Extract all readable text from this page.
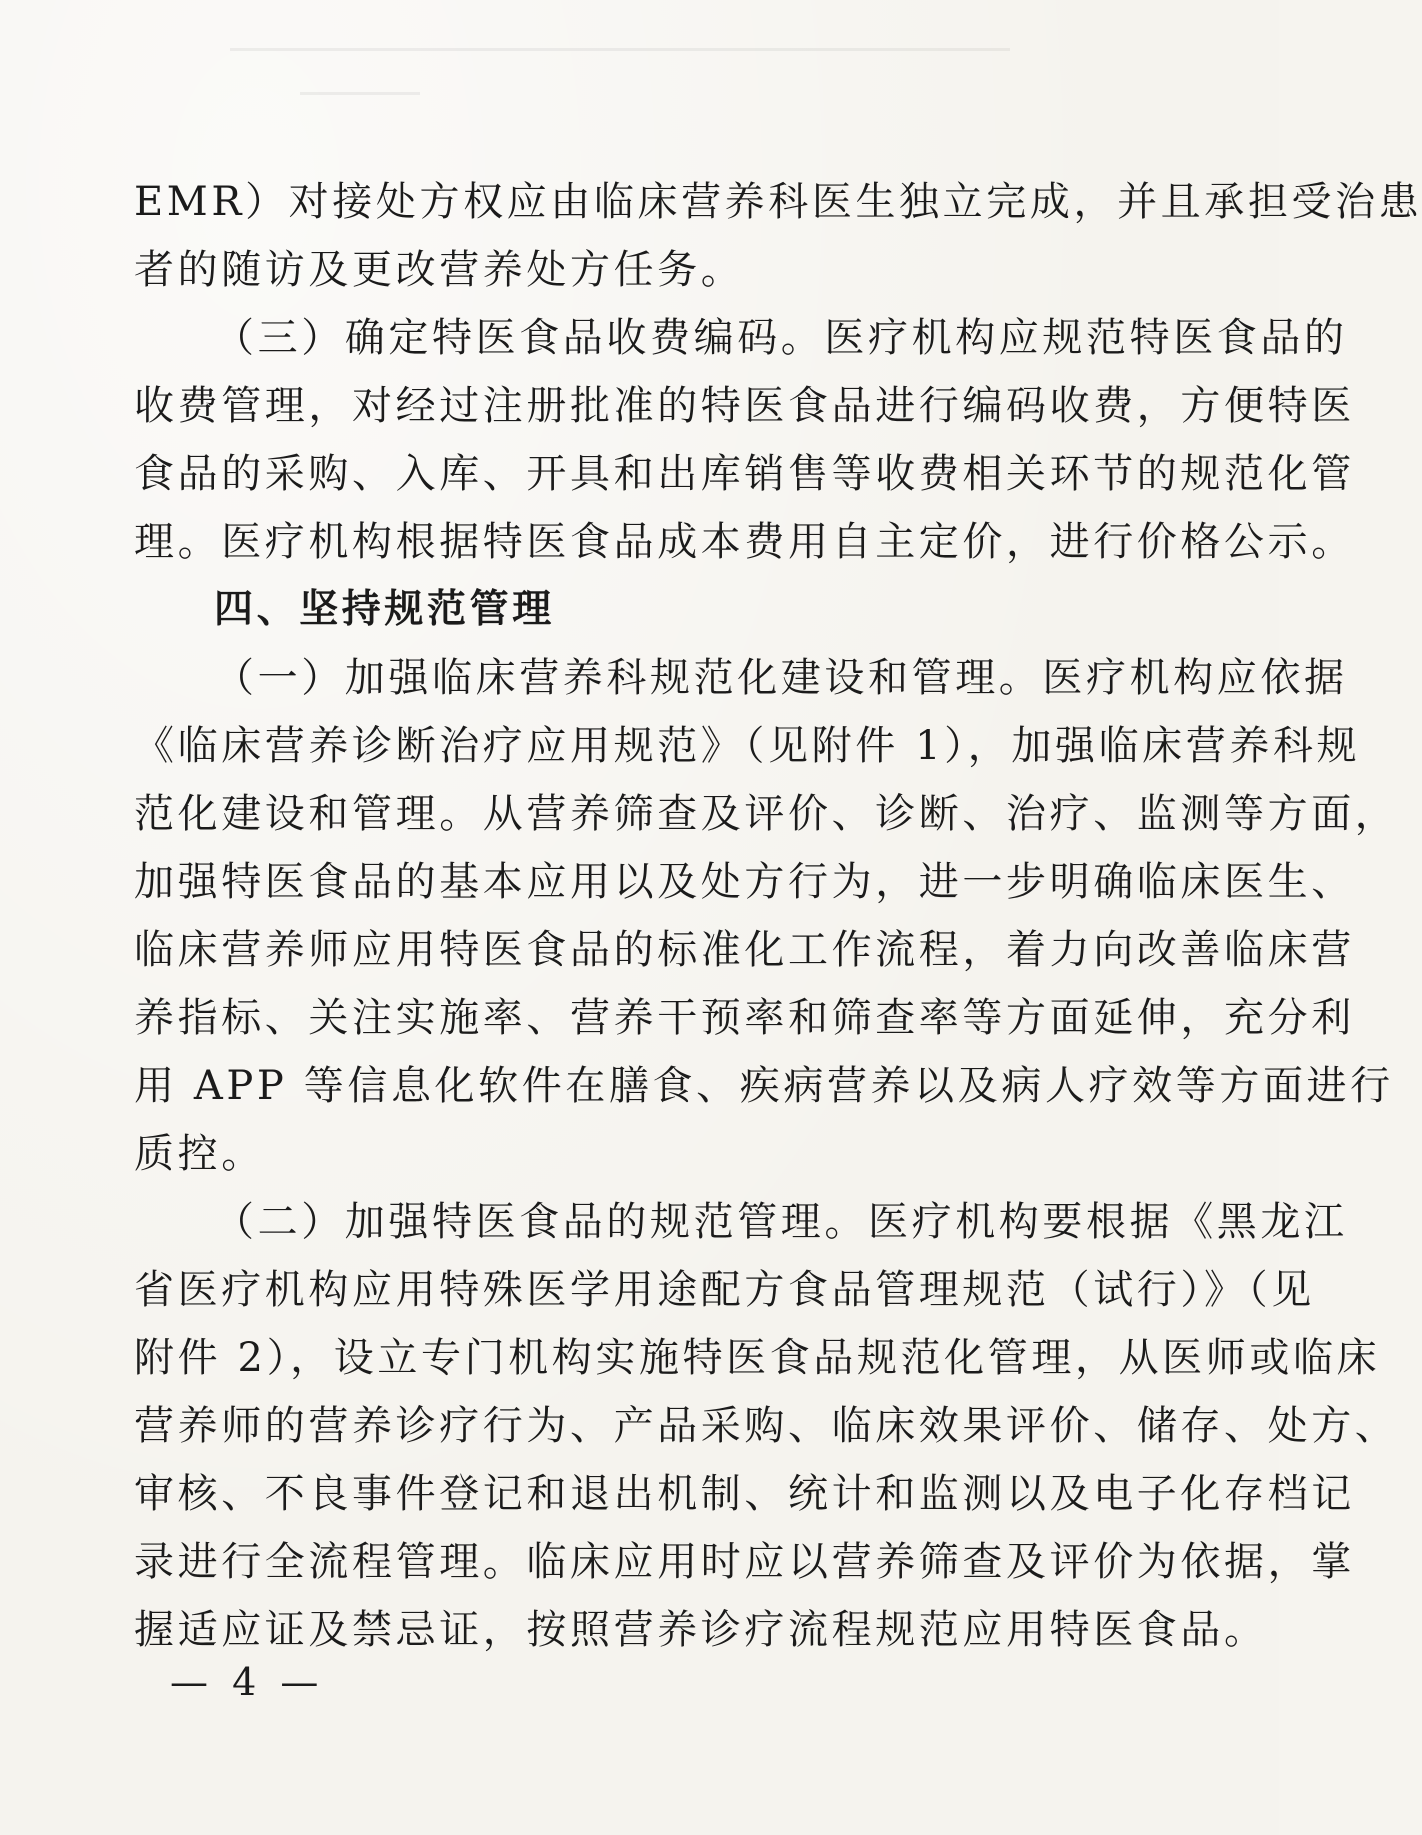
EMR）对接处方权应由临床营养科医生独立完成，并且承担受治患
者的随访及更改营养处方任务。
（三）确定特医食品收费编码。医疗机构应规范特医食品的
收费管理，对经过注册批准的特医食品进行编码收费，方便特医
食品的采购、入库、开具和出库销售等收费相关环节的规范化管
理。医疗机构根据特医食品成本费用自主定价，进行价格公示。
四、坚持规范管理
（一）加强临床营养科规范化建设和管理。医疗机构应依据
《临床营养诊断治疗应用规范》（见附件 1），加强临床营养科规
范化建设和管理。从营养筛查及评价、诊断、治疗、监测等方面，
加强特医食品的基本应用以及处方行为，进一步明确临床医生、
临床营养师应用特医食品的标准化工作流程，着力向改善临床营
养指标、关注实施率、营养干预率和筛查率等方面延伸，充分利
用 APP 等信息化软件在膳食、疾病营养以及病人疗效等方面进行
质控。
（二）加强特医食品的规范管理。医疗机构要根据《黑龙江
省医疗机构应用特殊医学用途配方食品管理规范（试行）》（见
附件 2），设立专门机构实施特医食品规范化管理，从医师或临床
营养师的营养诊疗行为、产品采购、临床效果评价、储存、处方、
审核、不良事件登记和退出机制、统计和监测以及电子化存档记
录进行全流程管理。临床应用时应以营养筛查及评价为依据，掌
握适应证及禁忌证，按照营养诊疗流程规范应用特医食品。
— 4 —
